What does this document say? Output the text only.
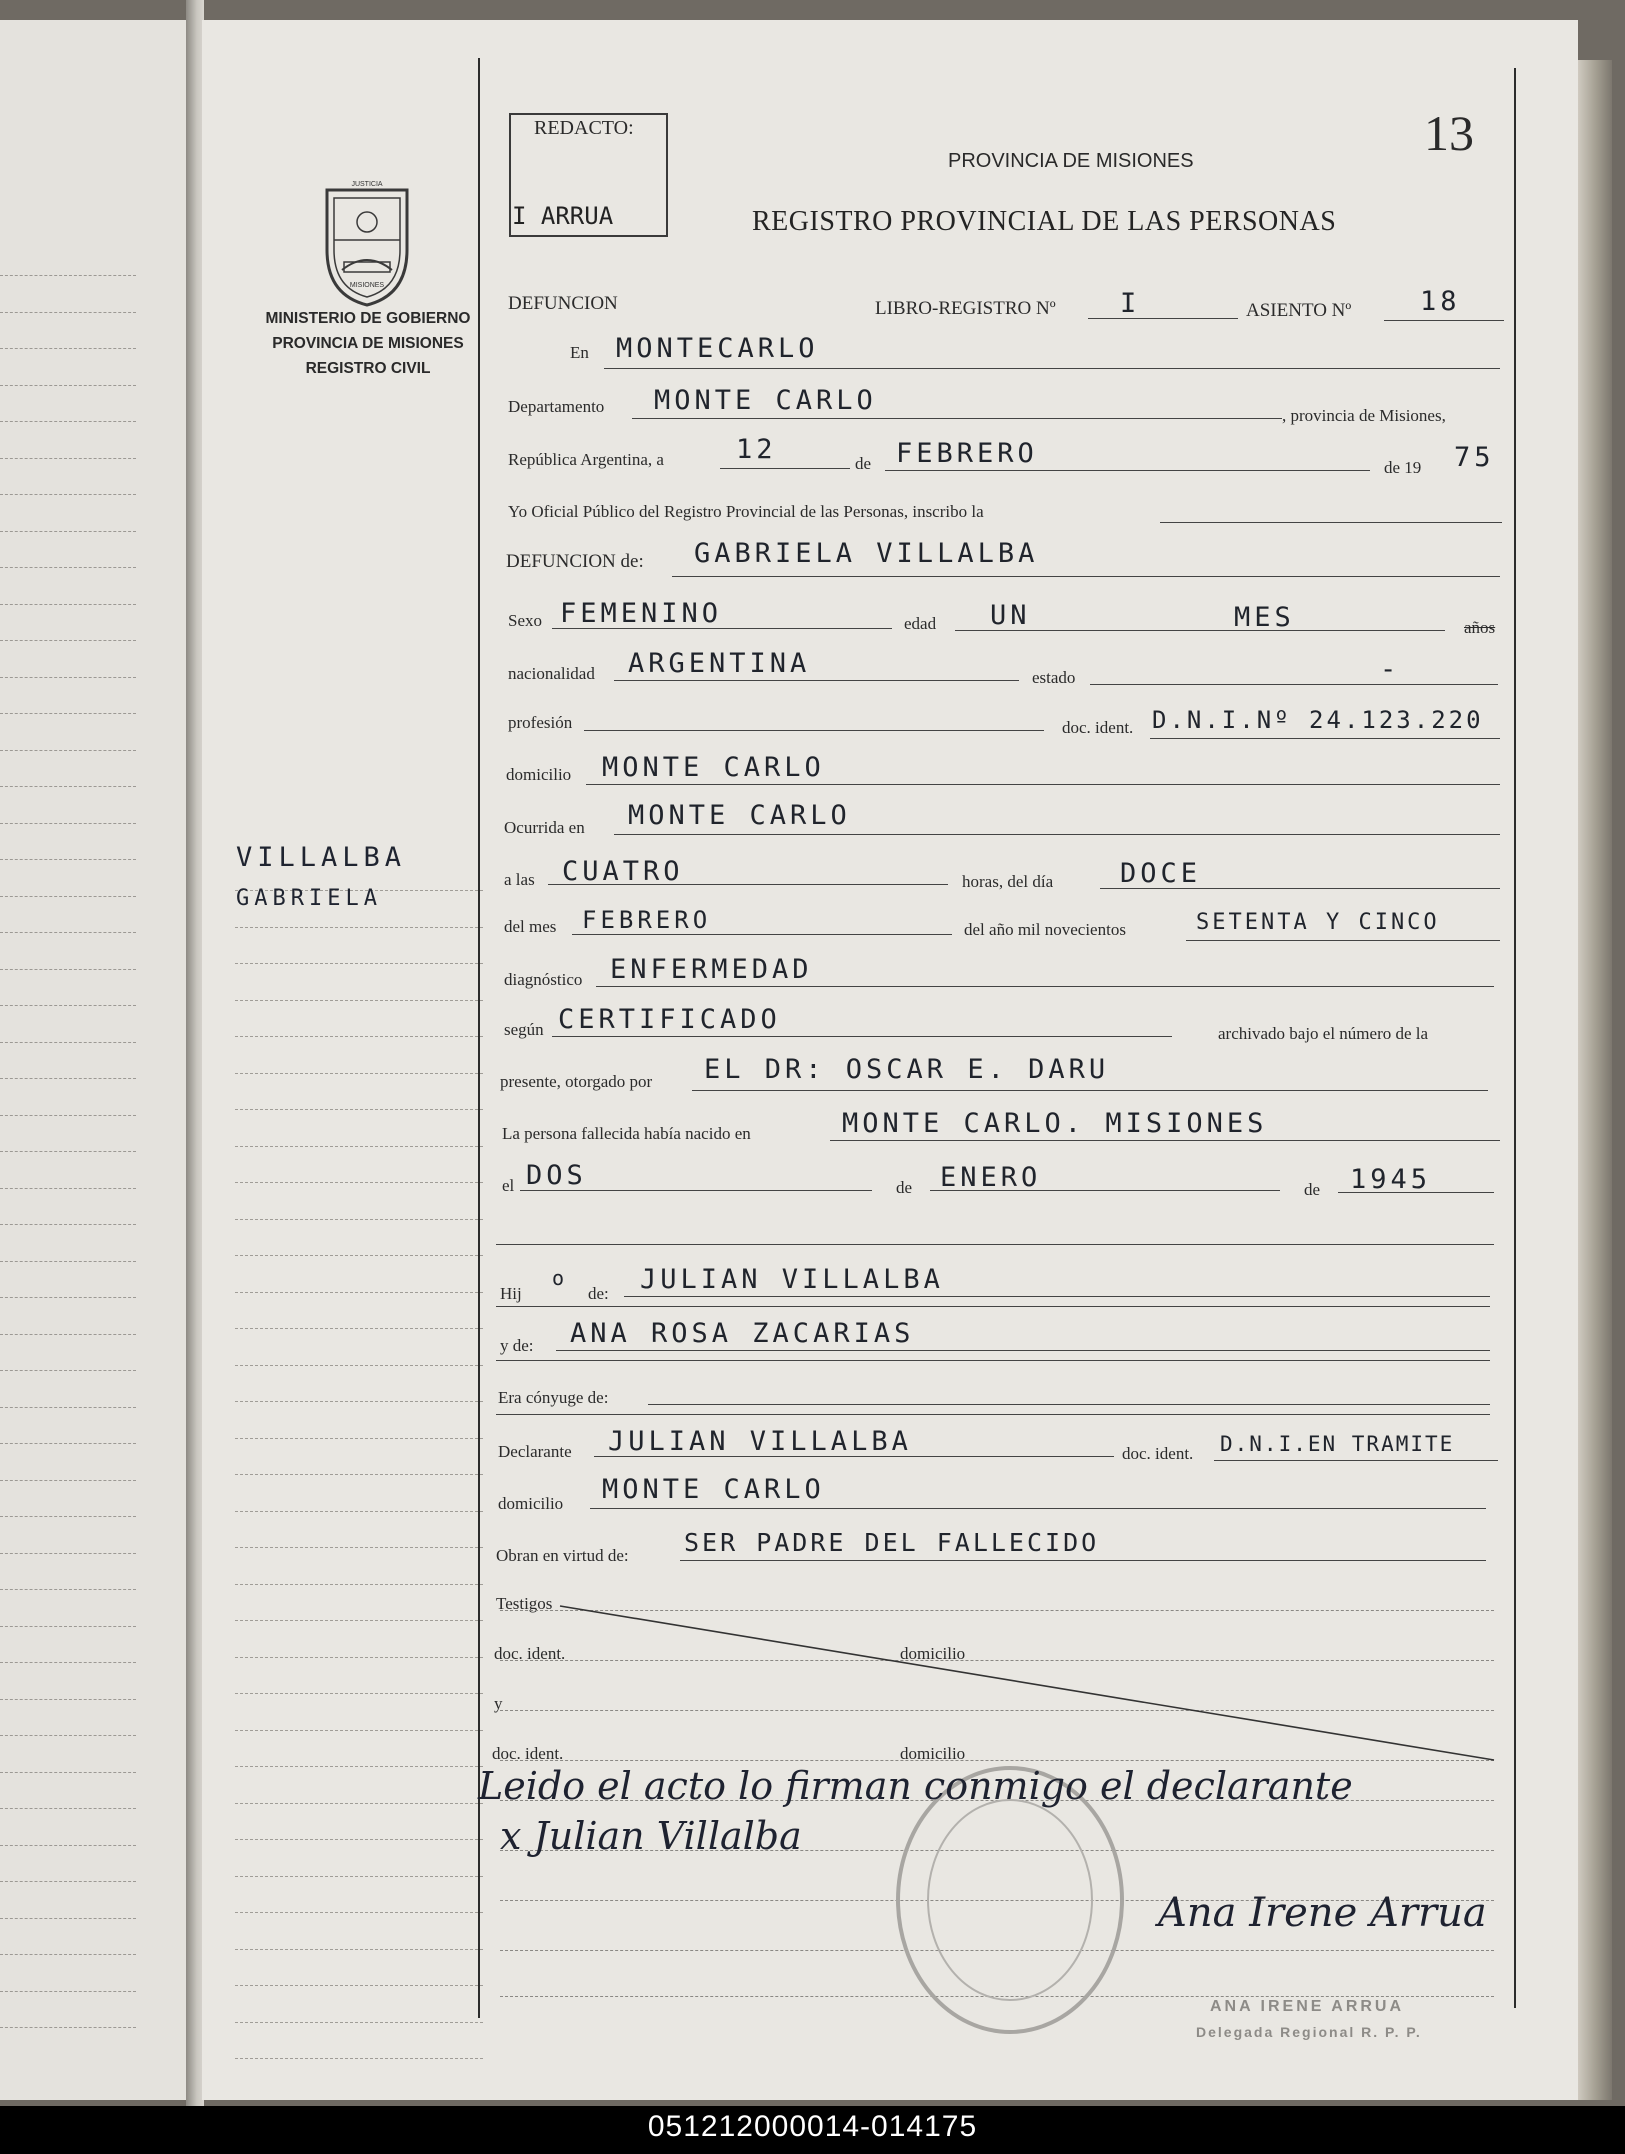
JUSTICIA
MISIONES
MINISTERIO DE GOBIERNO
PROVINCIA DE MISIONES
REGISTRO CIVIL
VILLALBA
GABRIELA
REDACTO:
I ARRUA
13
PROVINCIA DE MISIONES
REGISTRO PROVINCIAL DE LAS PERSONAS
DEFUNCION	LIBRO-REGISTRO Nº I	ASIENTO Nº	18
En MONTECARLO
Departamento MONTE CARLO	, provincia de Misiones,
República Argentina, a	12	de FEBRERO	de 19 75
Yo Oficial Público del Registro Provincial de las Personas, inscribo la
DEFUNCION de: GABRIELA VILLALBA
Sexo FEMENINO	edad UN	MES	años
nacionalidad ARGENTINA	estado	-
profesión	doc. ident. D.N.I.Nº 24.123.220
domicilio MONTE CARLO
Ocurrida en MONTE CARLO
a las CUATRO	horas, del día DOCE
del mes FEBRERO	del año mil novecientos	SETENTA Y CINCO
diagnóstico ENFERMEDAD
según CERTIFICADO	archivado bajo el número de la
presente, otorgado por EL DR: OSCAR E. DARU
La persona fallecida había nacido en	MONTE CARLO. MISIONES
el DOS	de ENERO	de 1945
Hij
o
de: JULIAN VILLALBA
y de: ANA ROSA ZACARIAS
Era cónyuge de:
Declarante JULIAN VILLALBA	doc. ident. D.N.I.EN TRAMITE
domicilio MONTE CARLO
Obran en virtud de: SER PADRE DEL FALLECIDO
Testigos
doc. ident.	domicilio
y
doc. ident.	domicilio
Leido el acto lo firman conmigo el declarante
x Julian Villalba
Ana Irene Arrua
ANA IRENE ARRUA
Delegada Regional R. P. P.
051212000014-014175
